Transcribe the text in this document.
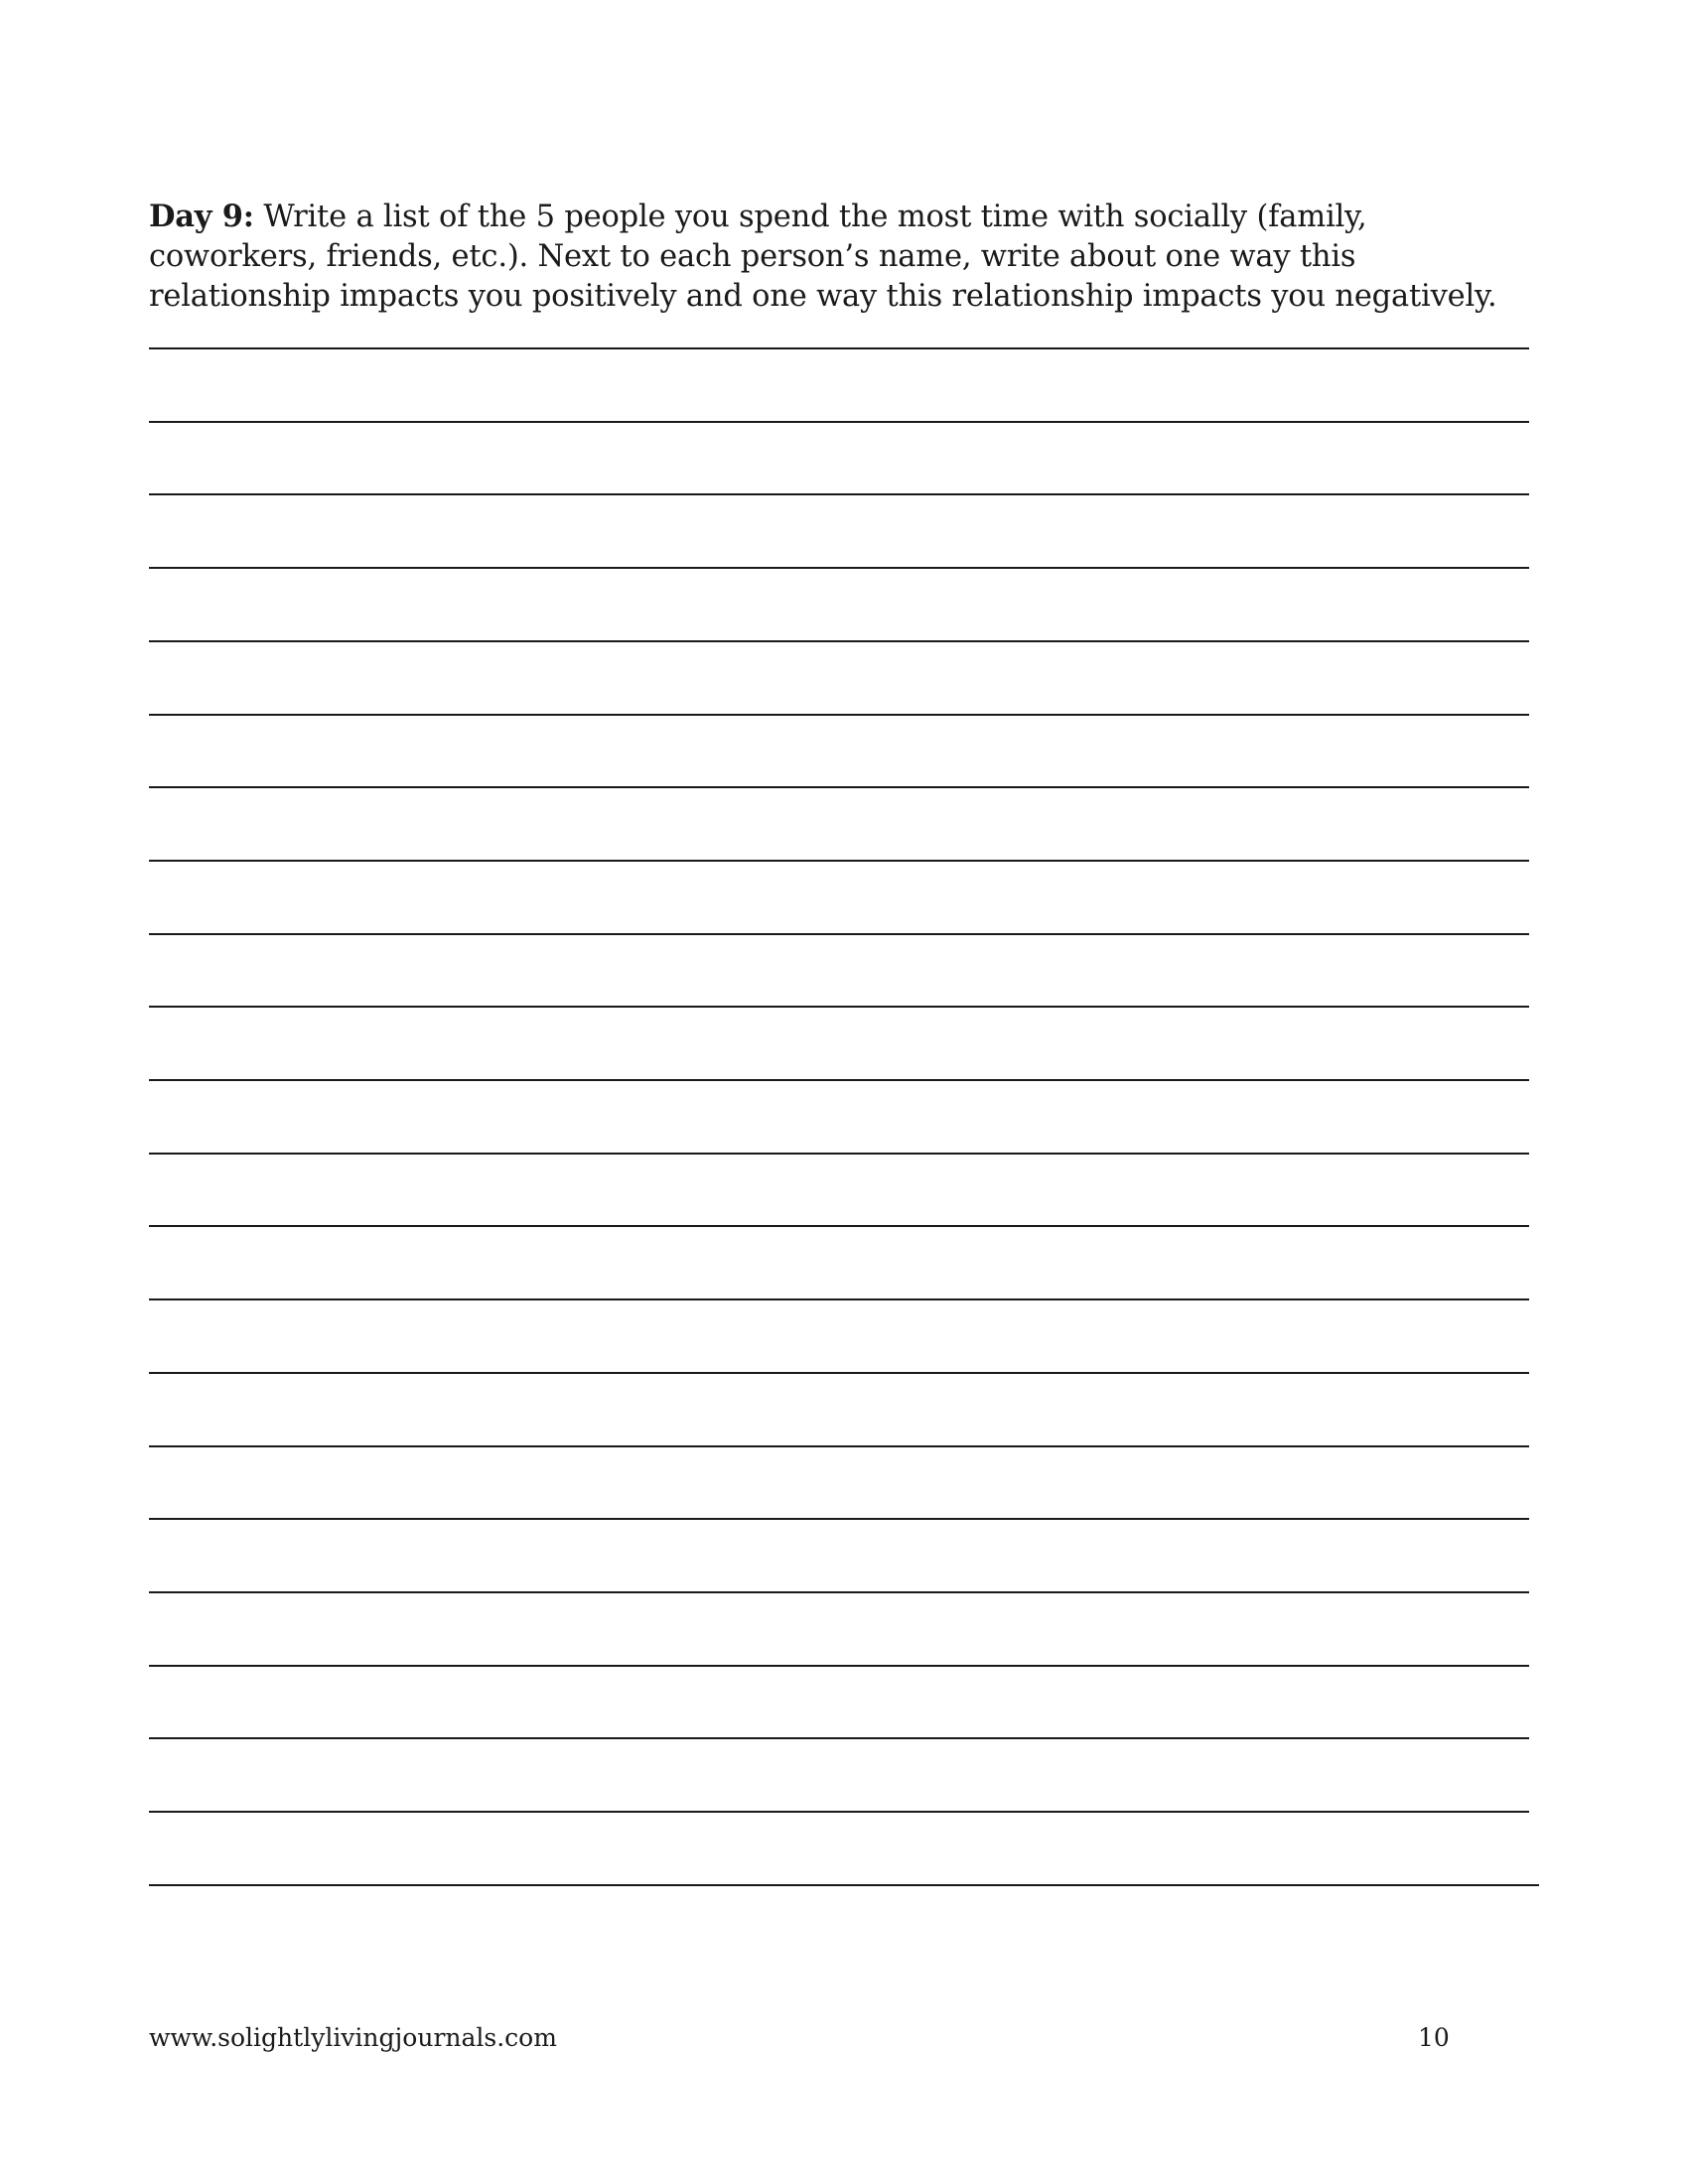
Day 9: Write a list of the 5 people you spend the most time with socially (family, coworkers, friends, etc.). Next to each person’s name, write about one way this relationship impacts you positively and one way this relationship impacts you negatively.
www.solightlylivingjournals.com	10
